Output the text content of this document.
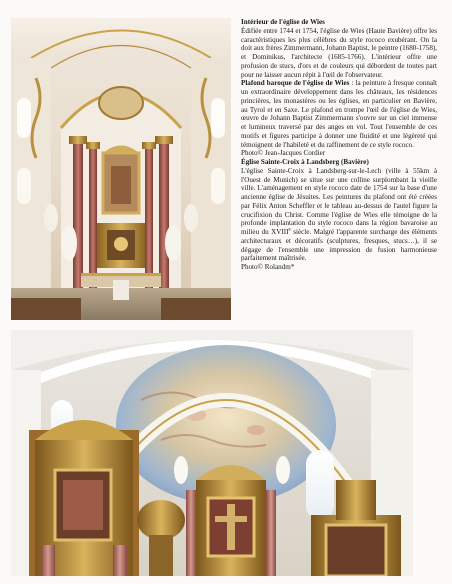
Intérieur de l'église de Wies
Édifiée entre 1744 et 1754, l'église de Wies (Haute Bavière) offre les caractéristiques les plus célèbres du style rococo exubérant. On la doit aux frères Zimmermann, Johann Baptist, le peintre (1680-1758), et Dominikus, l'architecte (1685-1766). L'intérieur offre une profusion de stucs, d'ors et de couleurs qui débordent de toutes part pour ne laisser aucun répit à l'œil de l'observateur.

Plafond baroque de l'église de Wies : la peinture à fresque connaît un extraordinaire développement dans les châteaux, les résidences princières, les monastères ou les églises, en particulier en Bavière, au Tyrol et en Saxe. Le plafond en trompe l'œil de l'église de Wies, œuvre de Johann Baptist Zimmermann s'ouvre sur un ciel immense et lumineux traversé par des anges en vol. Tout l'ensemble de ces motifs et figures participe à donner une fluidité et une légèreté qui témoignent de l'habileté et du raffinement de ce style rococo.
Photo© Jean-Jacques Cordier

Église Sainte-Croix à Landsberg (Bavière)
L'église Sainte-Croix à Landsberg-sur-le-Lech (ville à 55km à l'Ouest de Munich) se situe sur une colline surplombant la vieille ville. L'aménagement en style rococo date de 1754 sur la base d'une ancienne église de Jésuites. Les peintures du plafond ont été créées par Félix Anton Scheffler et le tableau au-dessus de l'autel figure la crucifixion du Christ. Comme l'église de Wies elle témoigne de la profonde implantation du style rococo dans la région bavaroise au milieu du XVIIIe siècle. Malgré l'apparente surcharge des éléments architecturaux et décoratifs (sculptures, fresques, stucs…), il se dégage de l'ensemble une impression de fusion harmonieuse parfaitement maîtrisée.
Photo© Rolandm*
